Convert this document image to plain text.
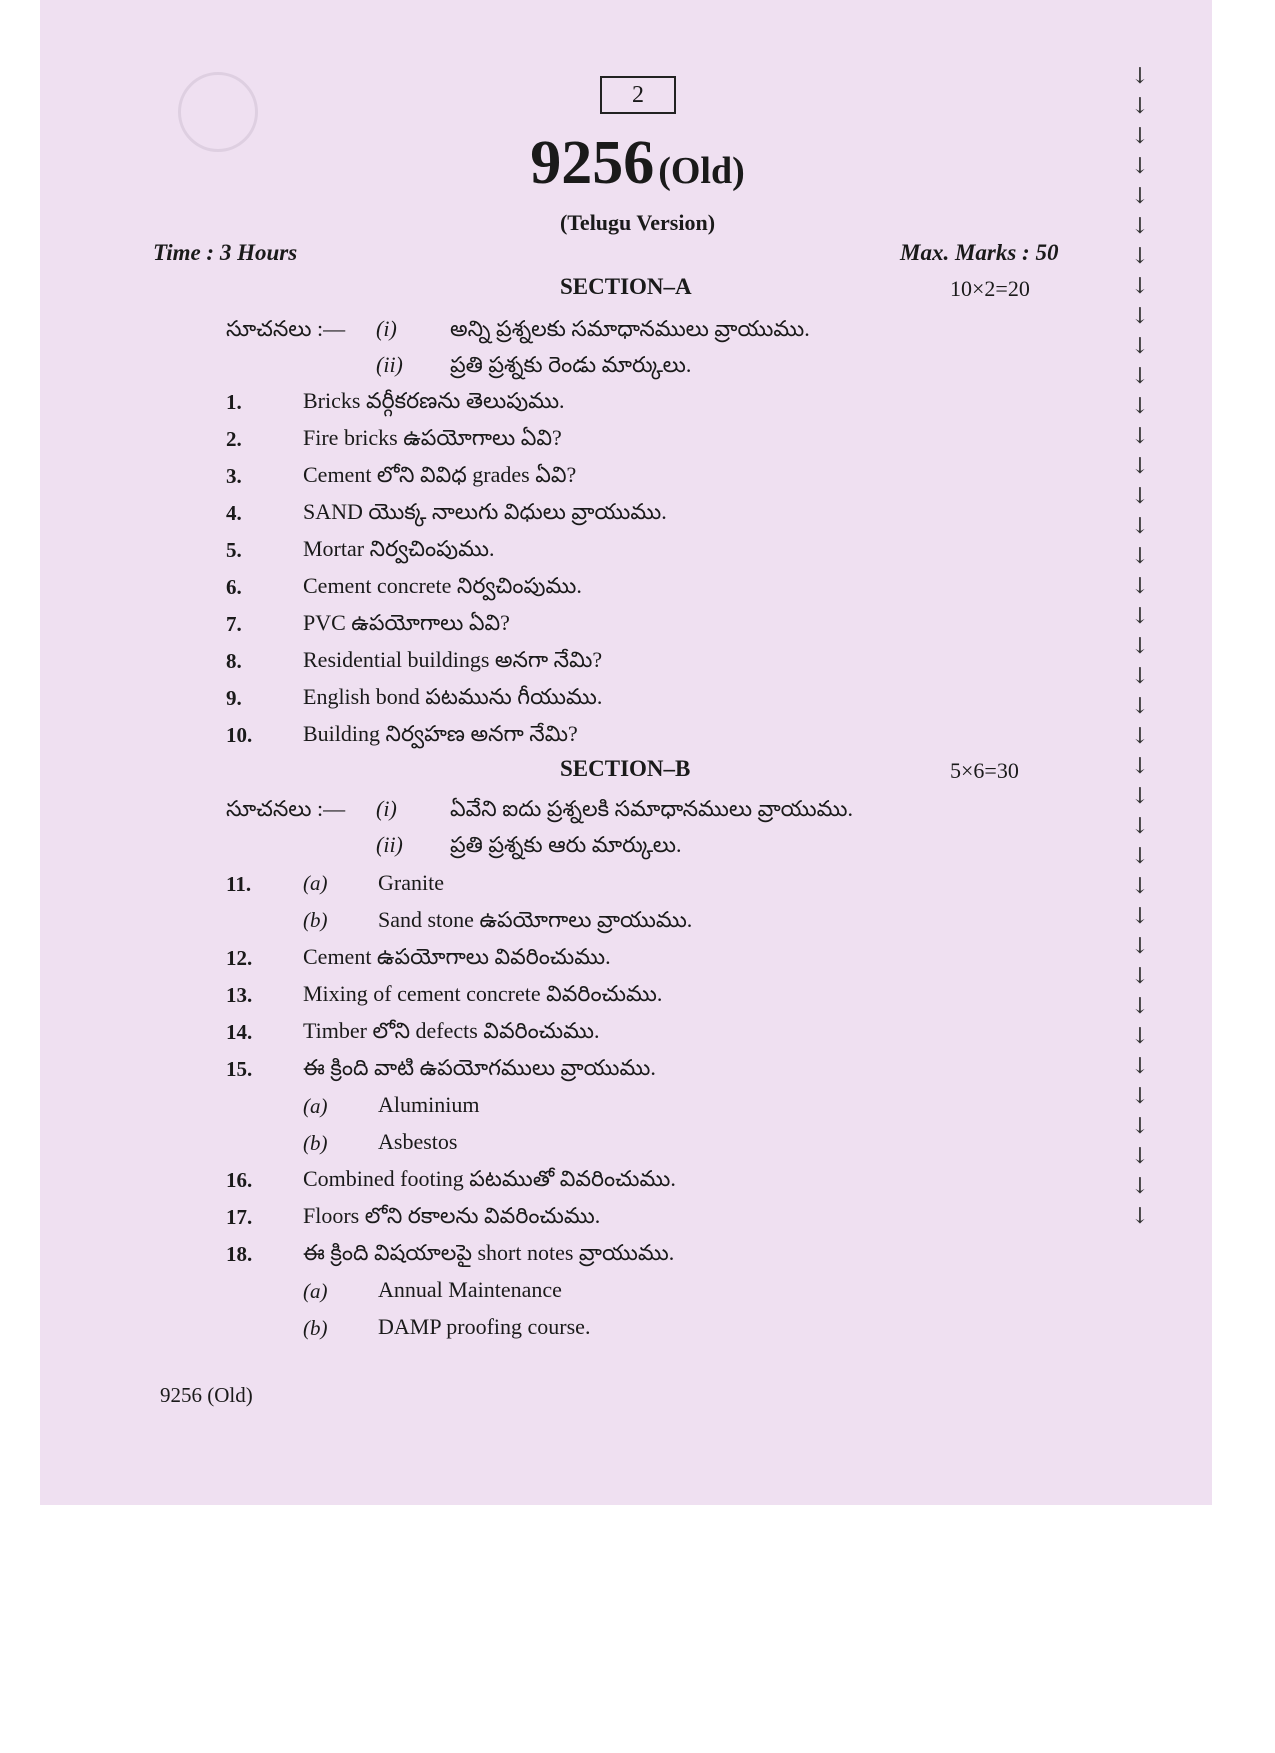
2
9256 (Old)
(Telugu Version)
Time : 3 Hours	Max. Marks : 50
SECTION–A	10×2=20
సూచనలు :— (i) అన్ని ప్రశ్నలకు సమాధానములు వ్రాయుము.
(ii) ప్రతి ప్రశ్నకు రెండు మార్కులు.
1.	Bricks వర్గీకరణను తెలుపుము.
2.	Fire bricks ఉపయోగాలు ఏవి?
3.	Cement లోని వివిధ grades ఏవి?
4.	SAND యొక్క నాలుగు విధులు వ్రాయుము.
5.	Mortar నిర్వచింపుము.
6.	Cement concrete నిర్వచింపుము.
7.	PVC ఉపయోగాలు ఏవి?
8.	Residential buildings అనగా నేమి?
9.	English bond పటమును గీయుము.
10. Building నిర్వహణ అనగా నేమి?
SECTION–B	5×6=30
సూచనలు :— (i) ఏవేని ఐదు ప్రశ్నలకి సమాధానములు వ్రాయుము.
(ii) ప్రతి ప్రశ్నకు ఆరు మార్కులు.
11. (a) Granite
(b) Sand stone ఉపయోగాలు వ్రాయుము.
12. Cement ఉపయోగాలు వివరించుము.
13. Mixing of cement concrete వివరించుము.
14. Timber లోని defects వివరించుము.
15. ఈ క్రింది వాటి ఉపయోగములు వ్రాయుము.
(a) Aluminium
(b) Asbestos
16. Combined footing పటముతో వివరించుము.
17. Floors లోని రకాలను వివరించుము.
18. ఈ క్రింది విషయాలపై short notes వ్రాయుము.
(a) Annual Maintenance
(b) DAMP proofing course.
9256 (Old)
↓
↓
↓
↓
↓
↓
↓
↓
↓
↓
↓
↓
↓
↓
↓
↓
↓
↓
↓
↓
↓
↓
↓
↓
↓
↓
↓
↓
↓
↓
↓
↓
↓
↓
↓
↓
↓
↓
↓
